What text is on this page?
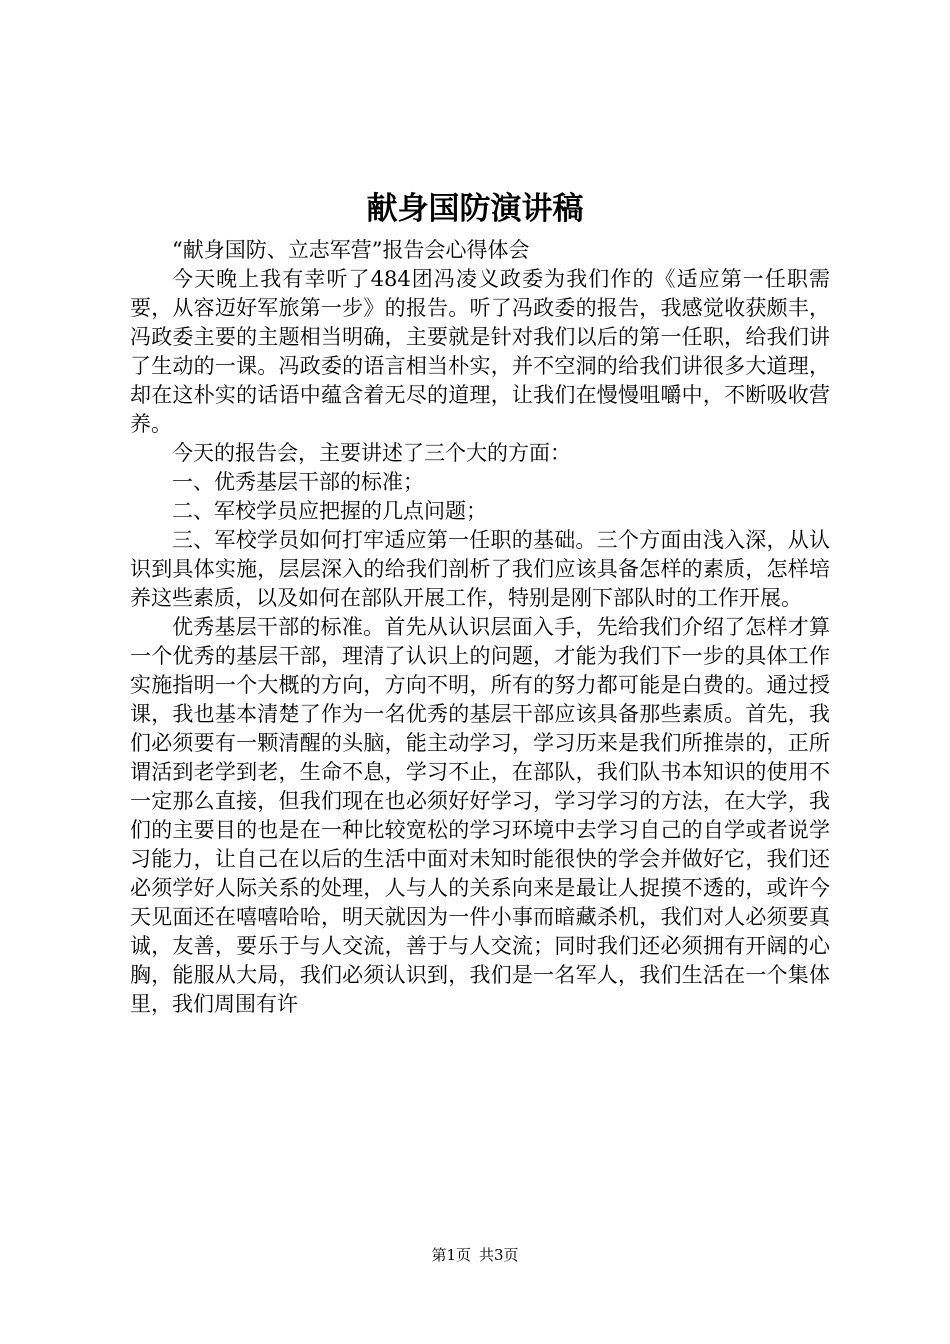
献身国防演讲稿

“献身国防、立志军营”报告会心得体会

今天晚上我有幸听了484团冯凌义政委为我们作的《适应第一任职需要，从容迈好军旅第一步》的报告。听了冯政委的报告，我感觉收获颇丰，冯政委主要的主题相当明确，主要就是针对我们以后的第一任职，给我们讲了生动的一课。冯政委的语言相当朴实，并不空洞的给我们讲很多大道理，却在这朴实的话语中蕴含着无尽的道理，让我们在慢慢咀嚼中，不断吸收营养。

今天的报告会，主要讲述了三个大的方面：

一、优秀基层干部的标准；

二、军校学员应把握的几点问题；

三、军校学员如何打牢适应第一任职的基础。三个方面由浅入深，从认识到具体实施，层层深入的给我们剖析了我们应该具备怎样的素质，怎样培养这些素质，以及如何在部队开展工作，特别是刚下部队时的工作开展。

优秀基层干部的标准。首先从认识层面入手，先给我们介绍了怎样才算一个优秀的基层干部，理清了认识上的问题，才能为我们下一步的具体工作实施指明一个大概的方向，方向不明，所有的努力都可能是白费的。通过授课，我也基本清楚了作为一名优秀的基层干部应该具备那些素质。首先，我们必须要有一颗清醒的头脑，能主动学习，学习历来是我们所推崇的，正所谓活到老学到老，生命不息，学习不止，在部队，我们队书本知识的使用不一定那么直接，但我们现在也必须好好学习，学习学习的方法，在大学，我们的主要目的也是在一种比较宽松的学习环境中去学习自己的自学或者说学习能力，让自己在以后的生活中面对未知时能很快的学会并做好它，我们还必须学好人际关系的处理，人与人的关系向来是最让人捉摸不透的，或许今天见面还在嘻嘻哈哈，明天就因为一件小事而暗藏杀机，我们对人必须要真诚，友善，要乐于与人交流，善于与人交流；同时我们还必须拥有开阔的心胸，能服从大局，我们必须认识到，我们是一名军人，我们生活在一个集体里，我们周围有许

第1页 共3页
